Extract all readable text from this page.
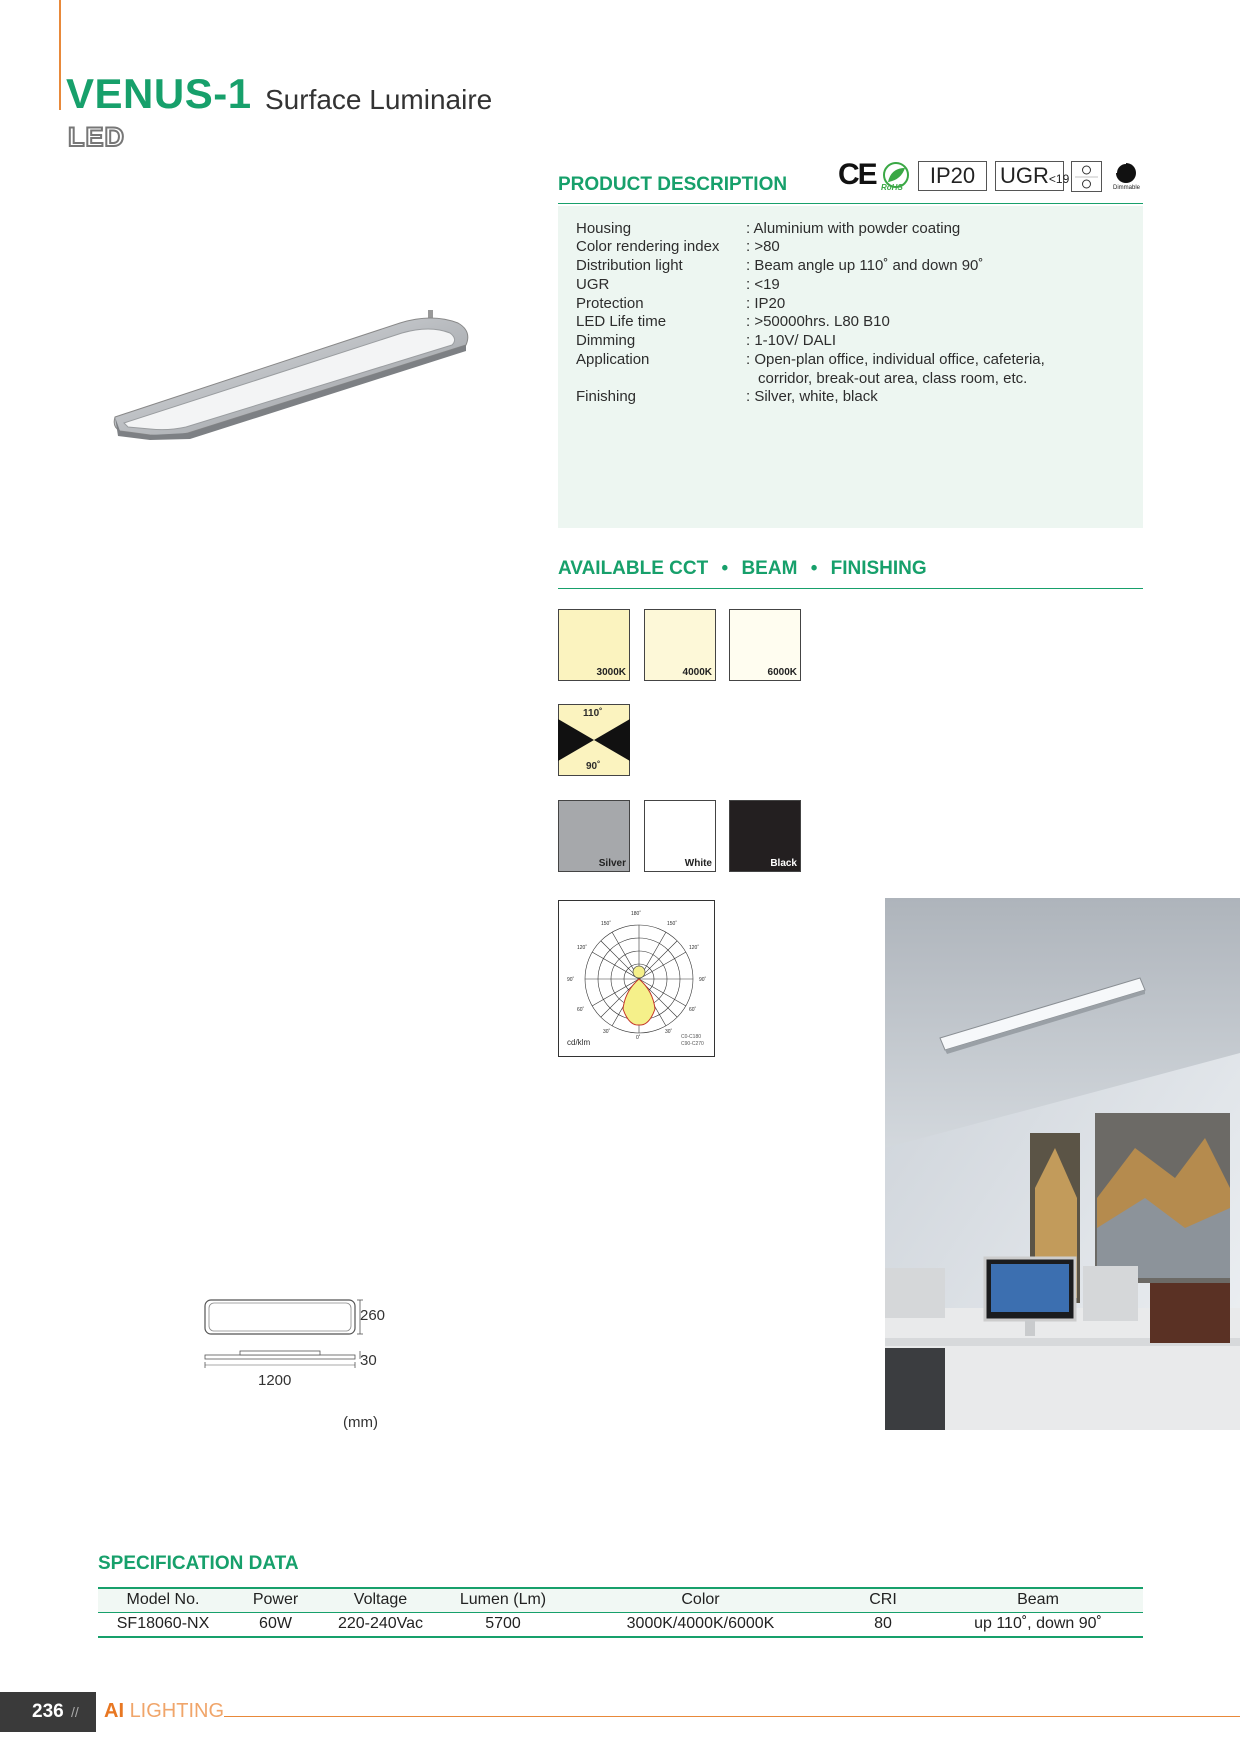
VENUS-1 Surface Luminaire
LED
PRODUCT DESCRIPTION CE RoHS	IP20	UGR<19
Dimmable
Housing	: Aluminium with powder coating
Color rendering index : >80
Distribution light	: Beam angle up 110˚ and down 90˚
UGR	: <19
Protection	: IP20
LED Life time	: >50000hrs. L80 B10
Dimming	: 1-10V/ DALI
Application	: Open-plan office, individual office, cafeteria,
corridor, break-out area, class room, etc.
Finishing	: Silver, white, black
AVAILABLE CCT • BEAM • FINISHING
3000K	4000K	6000K
110˚
90˚
Silver	White	Black
180˚
150˚	150˚
120˚	120˚
90˚	90˚
60˚	60˚
30˚	30˚
0˚
cd/klm
C0-C180
C90-C270
260
30
1200
(mm)
SPECIFICATION DATA
Model No.	Power	Voltage	Lumen (Lm)	Color	CRI	Beam
SF18060-NX	60W	220-240Vac	5700	3000K/4000K/6000K	80	up 110˚, down 90˚
236 //	AI LIGHTING
